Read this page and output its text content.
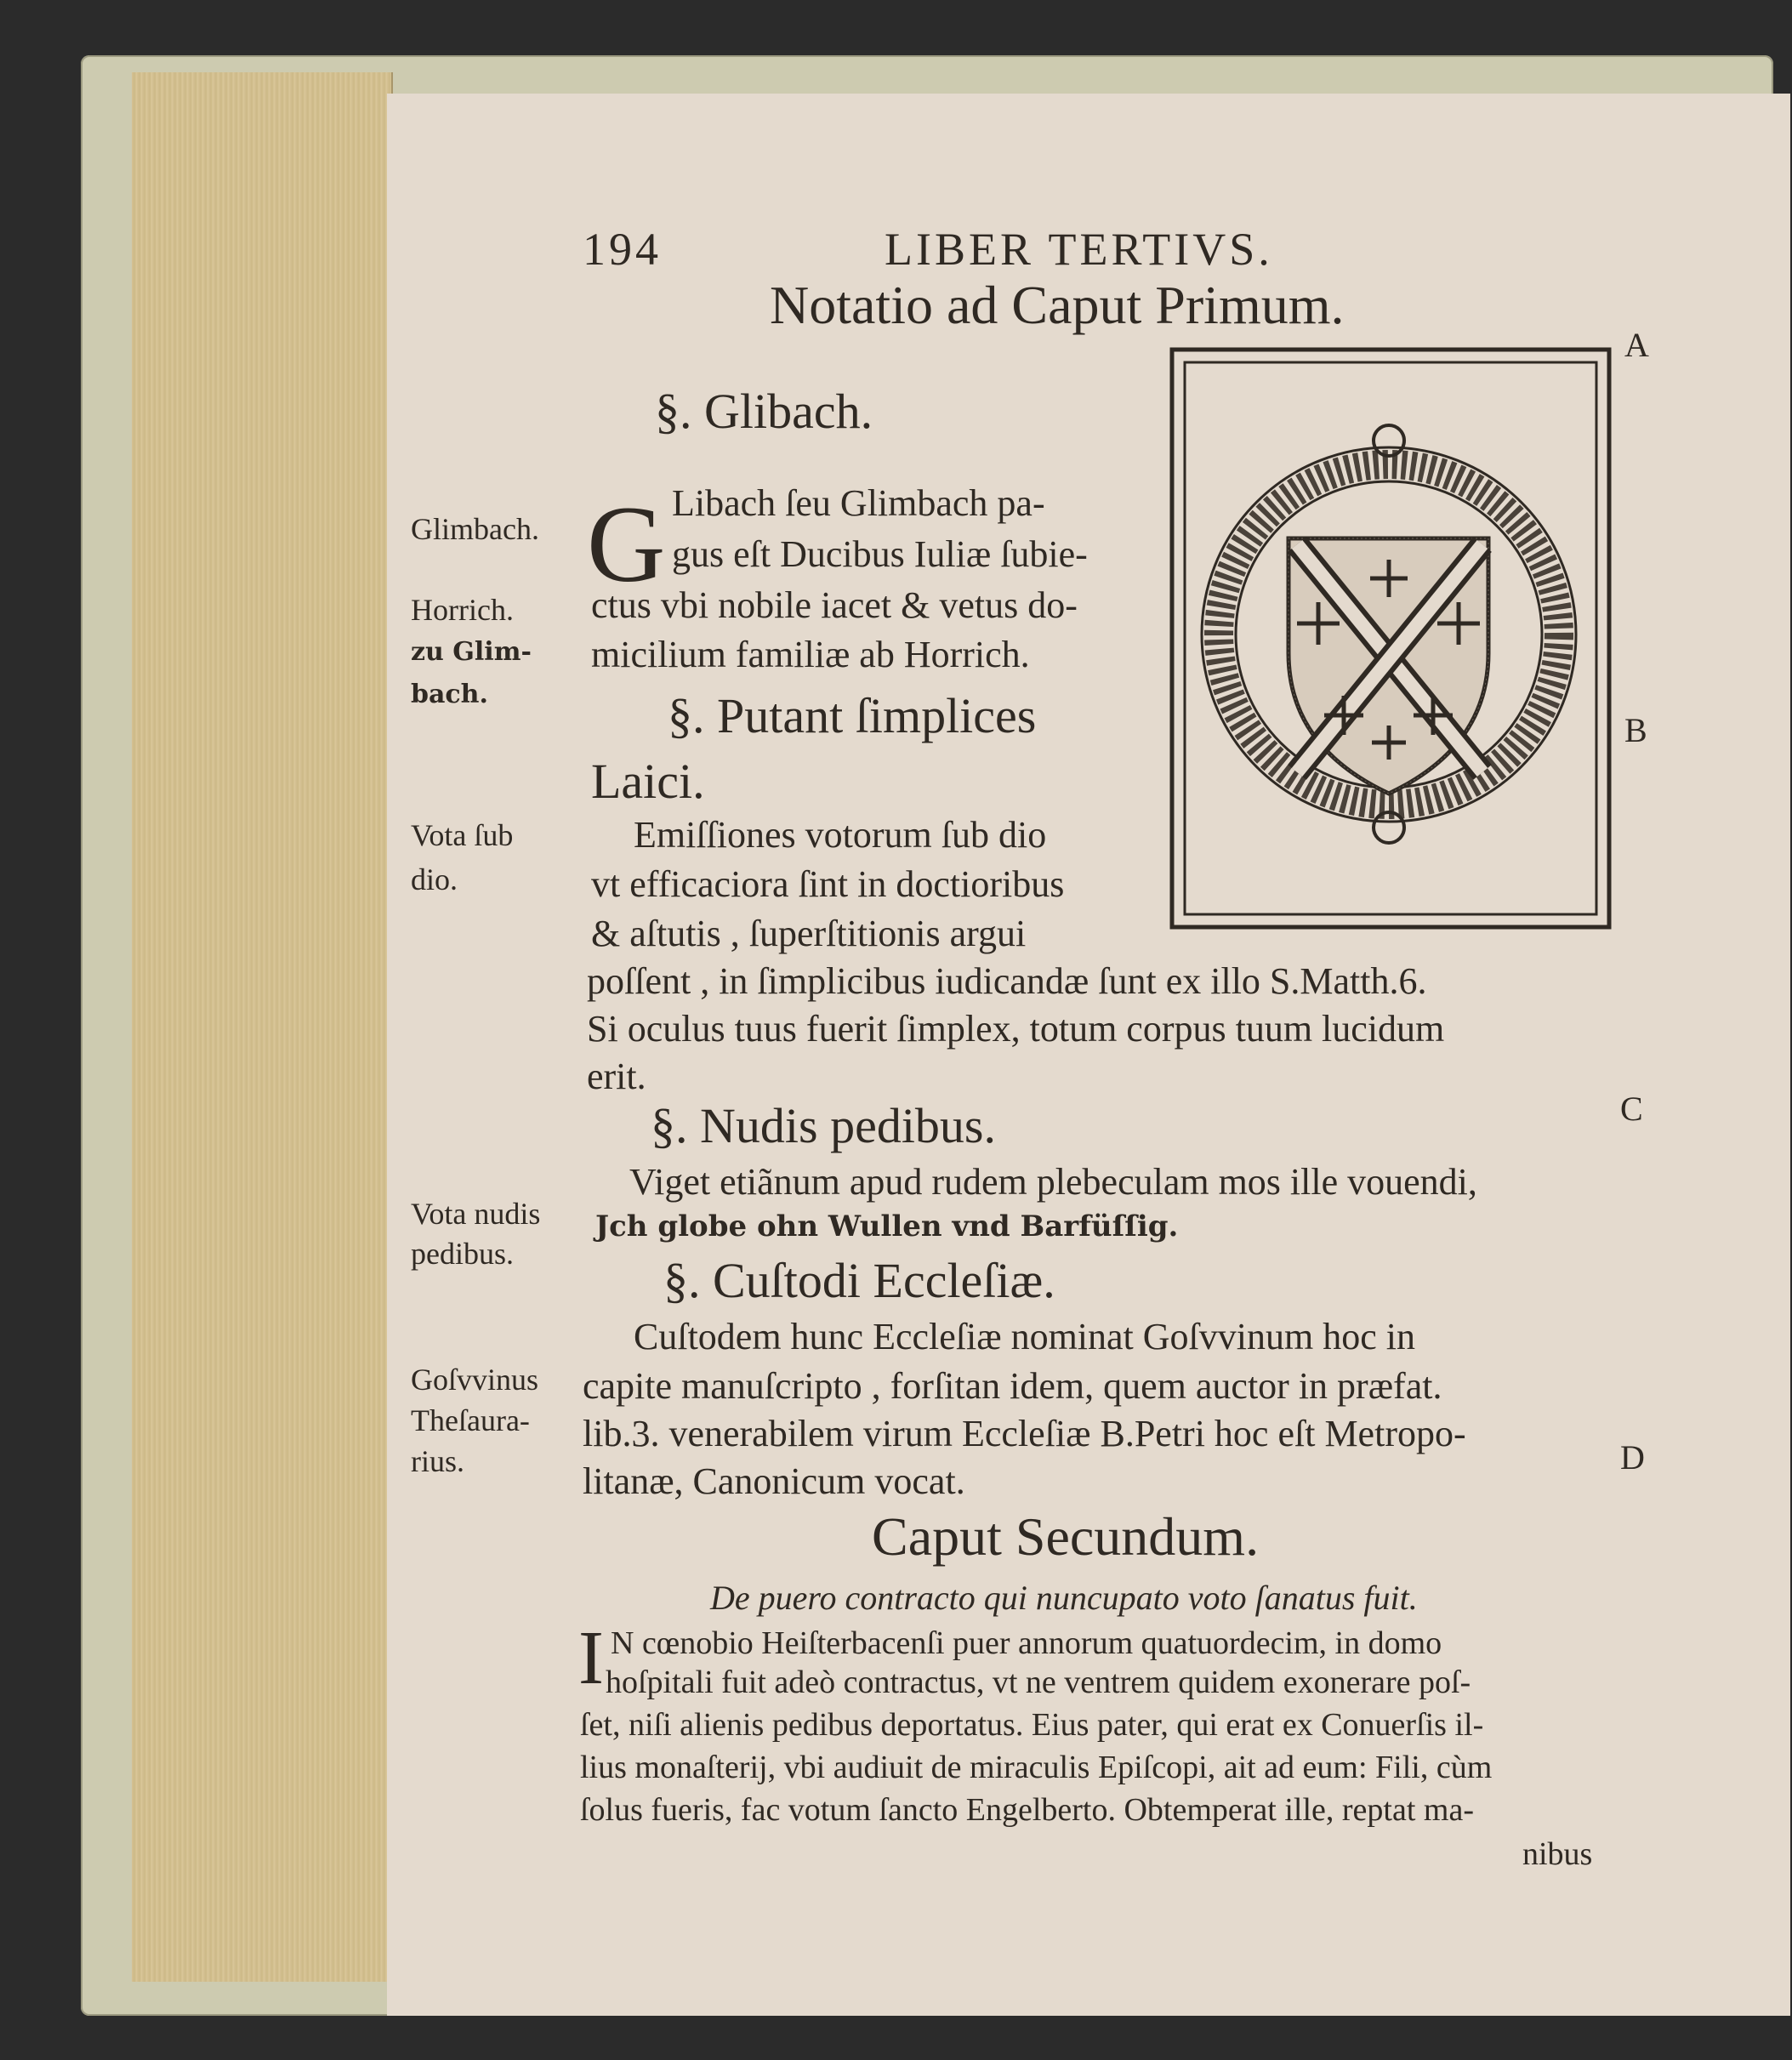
194	LIBER TERTIVS.
Notatio ad Caput Primum.
A
B
C
D
§. Glibach.
G Libach ſeu Glimbach pa-
gus eſt Ducibus Iuliæ ſubie-
ctus vbi nobile iacet & vetus do-
micilium familiæ ab Horrich.
§. Putant ſimplices
Laici.
Emiſſiones votorum ſub dio
vt efficaciora ſint in doctioribus
& aſtutis , ſuperſtitionis argui
poſſent , in ſimplicibus iudicandæ ſunt ex illo S.Matth.6.
Si oculus tuus fuerit ſimplex, totum corpus tuum lucidum
erit.
§. Nudis pedibus.
Viget etiãnum apud rudem plebeculam mos ille vouendi,
Jch globe ohn Wullen vnd Barfüſſig.
§. Cuſtodi Eccleſiæ.
Cuſtodem hunc Eccleſiæ nominat Goſvvinum hoc in
capite manuſcripto , forſitan idem, quem auctor in præfat.
lib.3. venerabilem virum Eccleſiæ B.Petri hoc eſt Metropo-
litanæ, Canonicum vocat.
Caput Secundum.
De puero contracto qui nuncupato voto ſanatus fuit.
I N cœnobio Heiſterbacenſi puer annorum quatuordecim, in domo
hoſpitali fuit adeò contractus, vt ne ventrem quidem exonerare poſ-
ſet, niſi alienis pedibus deportatus. Eius pater, qui erat ex Conuerſis il-
lius monaſterij, vbi audiuit de miraculis Epiſcopi, ait ad eum: Fili, cùm
ſolus fueris, fac votum ſancto Engelberto. Obtemperat ille, reptat ma-
nibus
Glimbach.
Horrich.
zu Glim-
bach.
Vota ſub
dio.
Vota nudis
pedibus.
Goſvvinus
Theſaura-
rius.
